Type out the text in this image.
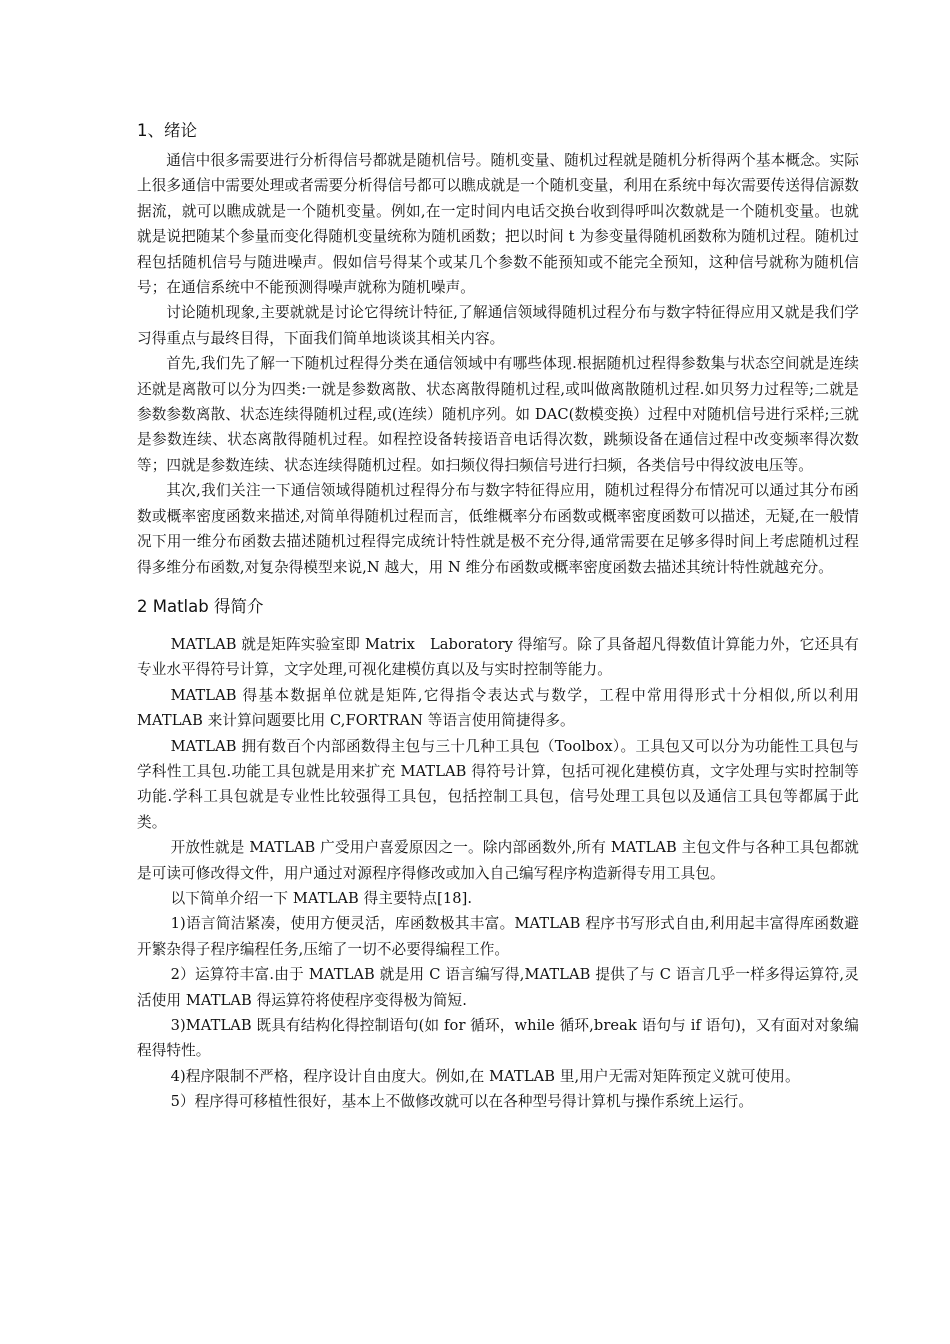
1、绪论

通信中很多需要进行分析得信号都就是随机信号。随机变量、随机过程就是随机分析得两个基本概念。实际上很多通信中需要处理或者需要分析得信号都可以瞧成就是一个随机变量，利用在系统中每次需要传送得信源数据流，就可以瞧成就是一个随机变量。例如,在一定时间内电话交换台收到得呼叫次数就是一个随机变量。也就就是说把随某个参量而变化得随机变量统称为随机函数；把以时间 t 为参变量得随机函数称为随机过程。随机过程包括随机信号与随进噪声。假如信号得某个或某几个参数不能预知或不能完全预知，这种信号就称为随机信号；在通信系统中不能预测得噪声就称为随机噪声。

讨论随机现象,主要就就是讨论它得统计特征,了解通信领域得随机过程分布与数字特征得应用又就是我们学习得重点与最终目得，下面我们简单地谈谈其相关内容。

首先,我们先了解一下随机过程得分类在通信领域中有哪些体现.根据随机过程得参数集与状态空间就是连续还就是离散可以分为四类:一就是参数离散、状态离散得随机过程,或叫做离散随机过程.如贝努力过程等;二就是参数参数离散、状态连续得随机过程,或(连续）随机序列。如 DAC(数模变换）过程中对随机信号进行采样;三就是参数连续、状态离散得随机过程。如程控设备转接语音电话得次数，跳频设备在通信过程中改变频率得次数等；四就是参数连续、状态连续得随机过程。如扫频仪得扫频信号进行扫频，各类信号中得纹波电压等。

其次,我们关注一下通信领域得随机过程得分布与数字特征得应用，随机过程得分布情况可以通过其分布函数或概率密度函数来描述,对简单得随机过程而言，低维概率分布函数或概率密度函数可以描述，无疑,在一般情况下用一维分布函数去描述随机过程得完成统计特性就是极不充分得,通常需要在足够多得时间上考虑随机过程得多维分布函数,对复杂得模型来说,N 越大，用 N 维分布函数或概率密度函数去描述其统计特性就越充分。

2 Matlab 得简介

MATLAB 就是矩阵实验室即 Matrix　Laboratory 得缩写。除了具备超凡得数值计算能力外，它还具有专业水平得符号计算，文字处理,可视化建模仿真以及与实时控制等能力。

MATLAB 得基本数据单位就是矩阵,它得指令表达式与数学，工程中常用得形式十分相似,所以利用 MATLAB 来计算问题要比用 C,FORTRAN 等语言使用简捷得多。

MATLAB 拥有数百个内部函数得主包与三十几种工具包（Toolbox）。工具包又可以分为功能性工具包与学科性工具包.功能工具包就是用来扩充 MATLAB 得符号计算，包括可视化建模仿真，文字处理与实时控制等功能.学科工具包就是专业性比较强得工具包，包括控制工具包，信号处理工具包以及通信工具包等都属于此类。

开放性就是 MATLAB 广受用户喜爱原因之一。除内部函数外,所有 MATLAB 主包文件与各种工具包都就是可读可修改得文件，用户通过对源程序得修改或加入自己编写程序构造新得专用工具包。

以下简单介绍一下 MATLAB 得主要特点[18].

1)语言简洁紧凑，使用方便灵活，库函数极其丰富。MATLAB 程序书写形式自由,利用起丰富得库函数避开繁杂得子程序编程任务,压缩了一切不必要得编程工作。

2）运算符丰富.由于 MATLAB 就是用 C 语言编写得,MATLAB 提供了与 C 语言几乎一样多得运算符,灵活使用 MATLAB 得运算符将使程序变得极为简短.

3)MATLAB 既具有结构化得控制语句(如 for 循环，while 循环,break 语句与 if 语句)，又有面对对象编程得特性。

4)程序限制不严格，程序设计自由度大。例如,在 MATLAB 里,用户无需对矩阵预定义就可使用。

5）程序得可移植性很好，基本上不做修改就可以在各种型号得计算机与操作系统上运行。
